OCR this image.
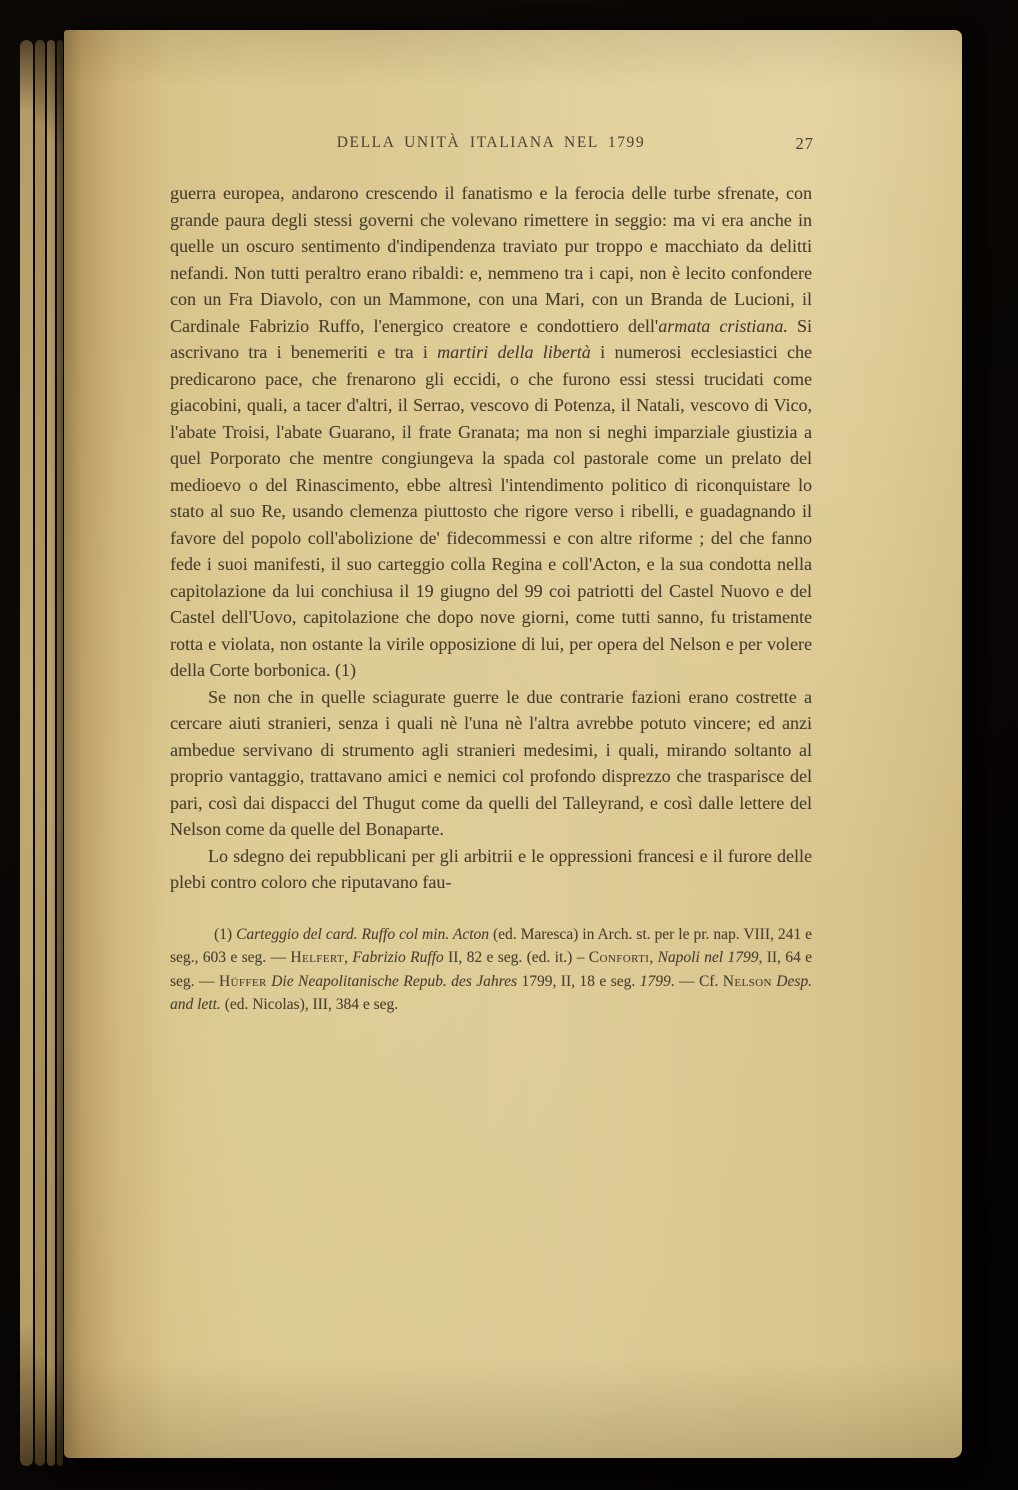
DELLA UNITÀ ITALIANA NEL 1799	27

guerra europea, andarono crescendo il fanatismo e la ferocia delle turbe sfrenate, con grande paura degli stessi governi che volevano rimettere in seggio: ma vi era anche in quelle un oscuro sentimento d'indipendenza traviato pur troppo e macchiato da delitti nefandi. Non tutti peraltro erano ribaldi: e, nemmeno tra i capi, non è lecito confondere con un Fra Diavolo, con un Mammone, con una Mari, con un Branda de Lucioni, il Cardinale Fabrizio Ruffo, l'energico creatore e condottiero dell'armata cristiana. Si ascrivano tra i benemeriti e tra i martiri della libertà i numerosi ecclesiastici che predicarono pace, che frenarono gli eccidi, o che furono essi stessi trucidati come giacobini, quali, a tacer d'altri, il Serrao, vescovo di Potenza, il Natali, vescovo di Vico, l'abate Troisi, l'abate Guarano, il frate Granata; ma non si neghi imparziale giustizia a quel Porporato che mentre congiungeva la spada col pastorale come un prelato del medioevo o del Rinascimento, ebbe altresì l'intendimento politico di riconquistare lo stato al suo Re, usando clemenza piuttosto che rigore verso i ribelli, e guadagnando il favore del popolo coll'abolizione de' fidecommessi e con altre riforme ; del che fanno fede i suoi manifesti, il suo carteggio colla Regina e coll'Acton, e la sua condotta nella capitolazione da lui conchiusa il 19 giugno del 99 coi patriotti del Castel Nuovo e del Castel dell'Uovo, capitolazione che dopo nove giorni, come tutti sanno, fu tristamente rotta e violata, non ostante la virile opposizione di lui, per opera del Nelson e per volere della Corte borbonica. (1)

Se non che in quelle sciagurate guerre le due contrarie fazioni erano costrette a cercare aiuti stranieri, senza i quali nè l'una nè l'altra avrebbe potuto vincere; ed anzi ambedue servivano di strumento agli stranieri medesimi, i quali, mirando soltanto al proprio vantaggio, trattavano amici e nemici col profondo disprezzo che trasparisce del pari, così dai dispacci del Thugut come da quelli del Talleyrand, e così dalle lettere del Nelson come da quelle del Bonaparte.

Lo sdegno dei repubblicani per gli arbitrii e le oppressioni francesi e il furore delle plebi contro coloro che riputavano fau-

(1) Carteggio del card. Ruffo col min. Acton (ed. Maresca) in Arch. st. per le pr. nap. VIII, 241 e seg., 603 e seg. — Helfert, Fabrizio Ruffo II, 82 e seg. (ed. it.) – Conforti, Napoli nel 1799, II, 64 e seg. — Hüffer Die Neapolitanische Repub. des Jahres 1799, II, 18 e seg. 1799. — Cf. Nelson Desp. and lett. (ed. Nicolas), III, 384 e seg.
